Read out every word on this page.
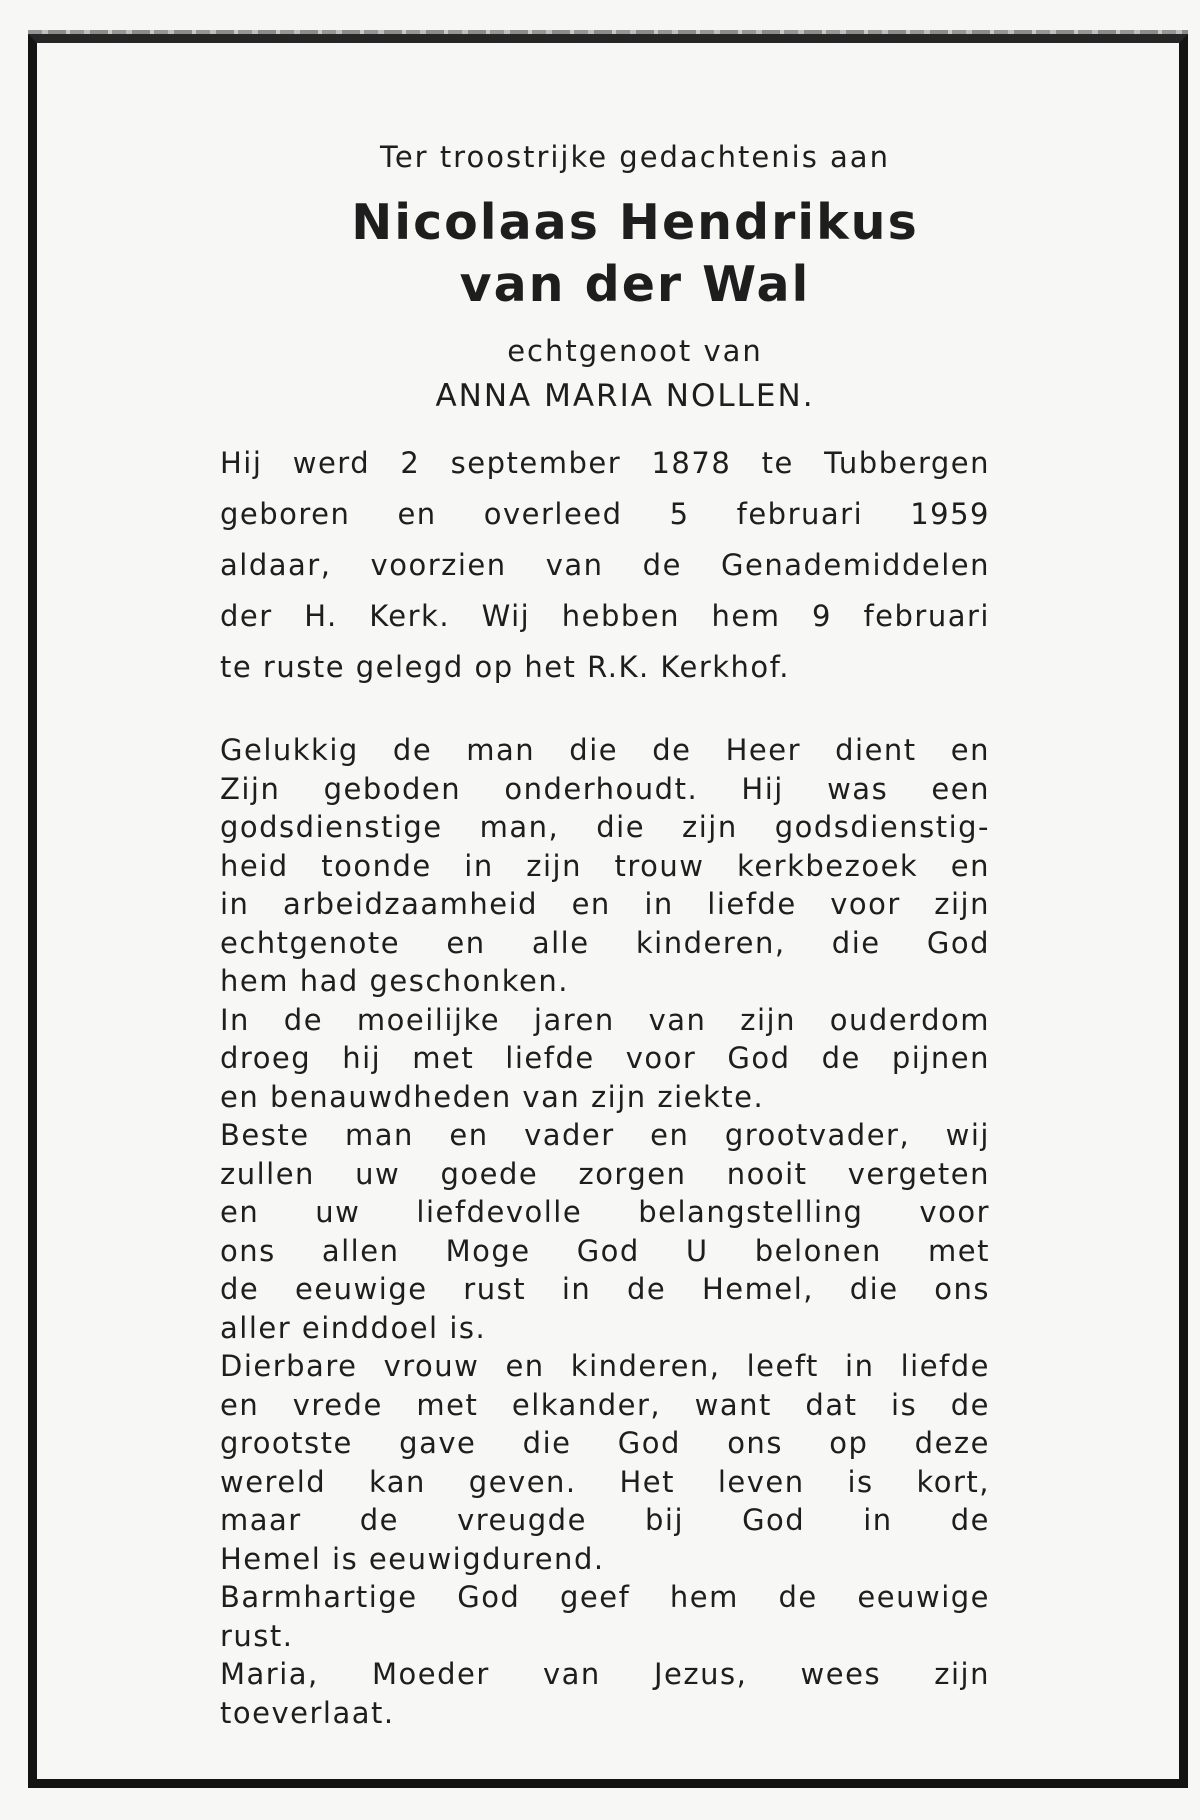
Ter troostrijke gedachtenis aan

Nicolaas Hendrikus

van der Wal

echtgenoot van

ANNA MARIA NOLLEN.

Hij werd 2 september 1878 te Tubbergen

geboren en overleed 5 februari 1959

aldaar, voorzien van de Genademiddelen

der H. Kerk. Wij hebben hem 9 februari

te ruste gelegd op het R.K. Kerkhof.

Gelukkig de man die de Heer dient en

Zijn geboden onderhoudt. Hij was een

godsdienstige man, die zijn godsdienstig-

heid toonde in zijn trouw kerkbezoek en

in arbeidzaamheid en in liefde voor zijn

echtgenote en alle kinderen, die God

hem had geschonken.

In de moeilijke jaren van zijn ouderdom

droeg hij met liefde voor God de pijnen

en benauwdheden van zijn ziekte.

Beste man en vader en grootvader, wij

zullen uw goede zorgen nooit vergeten

en uw liefdevolle belangstelling voor

ons allen Moge God U belonen met

de eeuwige rust in de Hemel, die ons

aller einddoel is.

Dierbare vrouw en kinderen, leeft in liefde

en vrede met elkander, want dat is de

grootste gave die God ons op deze

wereld kan geven. Het leven is kort,

maar de vreugde bij God in de

Hemel is eeuwigdurend.

Barmhartige God geef hem de eeuwige

rust.

Maria, Moeder van Jezus, wees zijn

toeverlaat.
